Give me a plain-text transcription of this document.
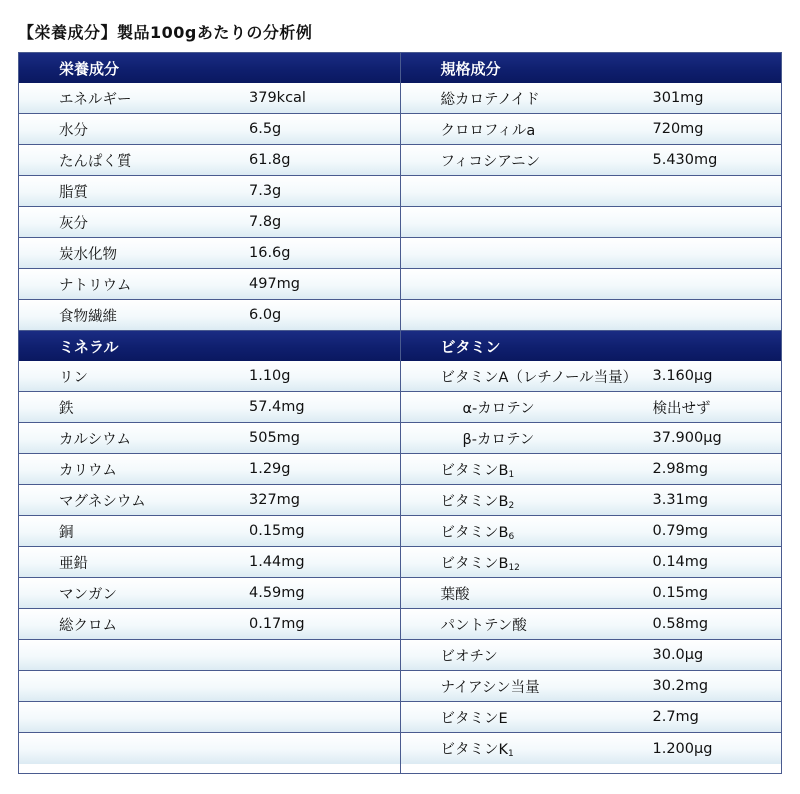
【栄養成分】製品100gあたりの分析例
栄養成分
エネルギー	379kcal
水分	6.5g
たんぱく質	61.8g
脂質	7.3g
灰分	7.8g
炭水化物	16.6g
ナトリウム	497mg
食物繊維	6.0g
ミネラル
リン	1.10g
鉄	57.4mg
カルシウム	505mg
カリウム	1.29g
マグネシウム	327mg
銅	0.15mg
亜鉛	1.44mg
マンガン	4.59mg
総クロム	0.17mg
規格成分
総カロテノイド	301mg
クロロフィルa	720mg
フィコシアニン	5.430mg
ビタミン
ビタミンA（レチノール当量）	3.160μg
α-カロテン	検出せず
β-カロテン	37.900μg
ビタミン$B_1$	2.98mg
ビタミン$B_2$	3.31mg
ビタミン$B_6$	0.79mg
ビタミン$B_{12}$	0.14mg
葉酸	0.15mg
パントテン酸	0.58mg
ビオチン	30.0μg
ナイアシン当量	30.2mg
ビタミンE	2.7mg
ビタミン$K_1$	1.200μg
